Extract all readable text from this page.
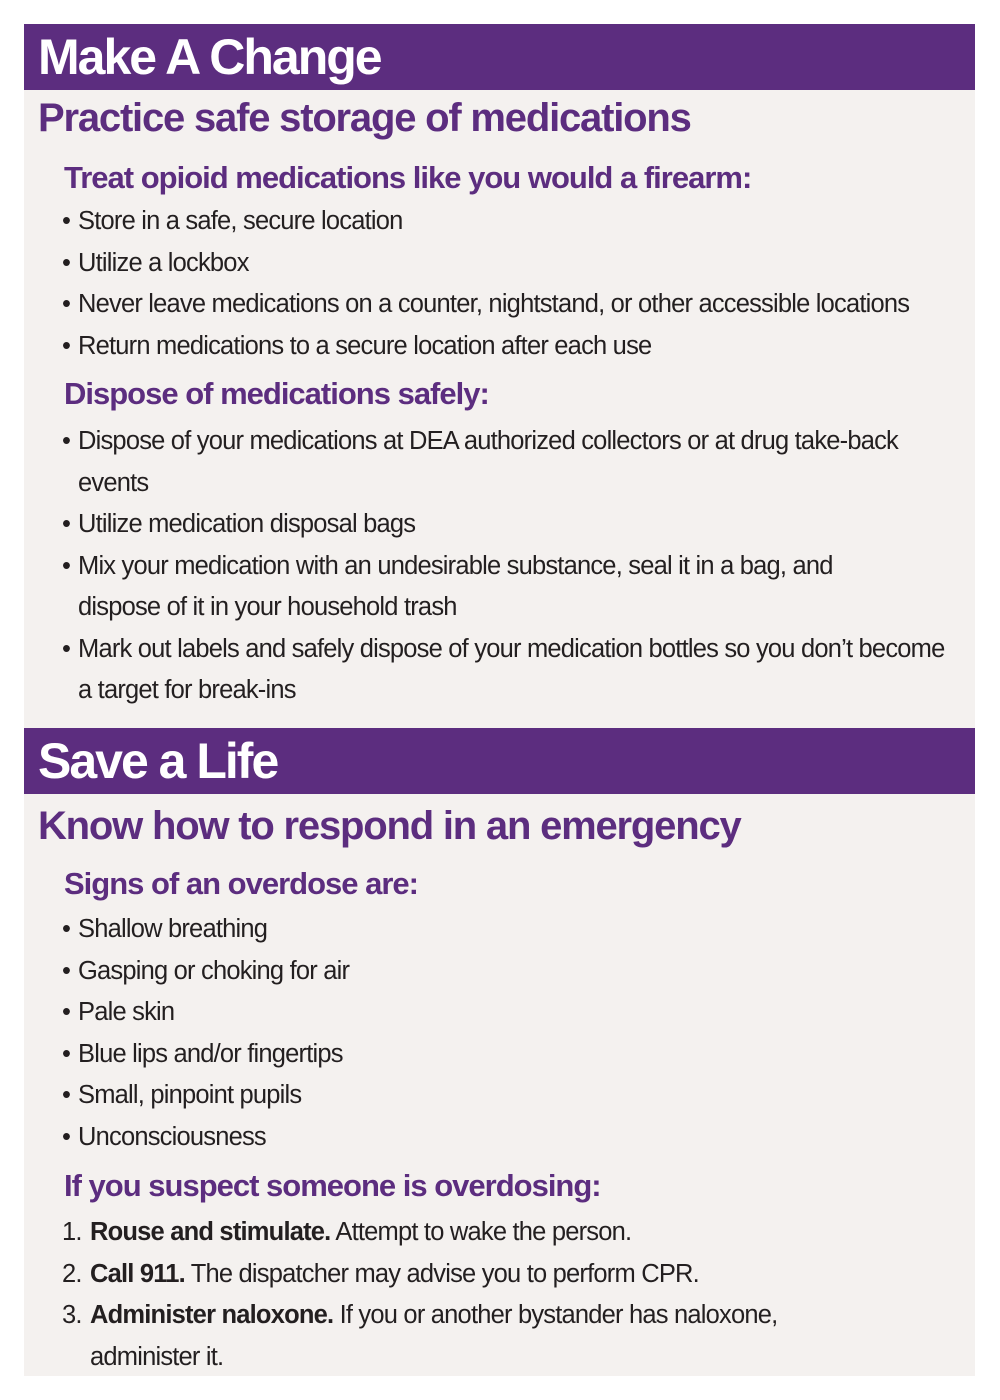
Make A Change
Practice safe storage of medications
Treat opioid medications like you would a firearm:
• Store in a safe, secure location
• Utilize a lockbox
• Never leave medications on a counter, nightstand, or other accessible locations
• Return medications to a secure location after each use
Dispose of medications safely:
• Dispose of your medications at DEA authorized collectors or at drug take-back events
• Utilize medication disposal bags
• Mix your medication with an undesirable substance, seal it in a bag, and dispose of it in your household trash
• Mark out labels and safely dispose of your medication bottles so you don’t become a target for break-ins
Save a Life
Know how to respond in an emergency
Signs of an overdose are:
• Shallow breathing
• Gasping or choking for air
• Pale skin
• Blue lips and/or fingertips
• Small, pinpoint pupils
• Unconsciousness
If you suspect someone is overdosing:
1. Rouse and stimulate. Attempt to wake the person.
2. Call 911. The dispatcher may advise you to perform CPR.
3. Administer naloxone. If you or another bystander has naloxone, administer it.
